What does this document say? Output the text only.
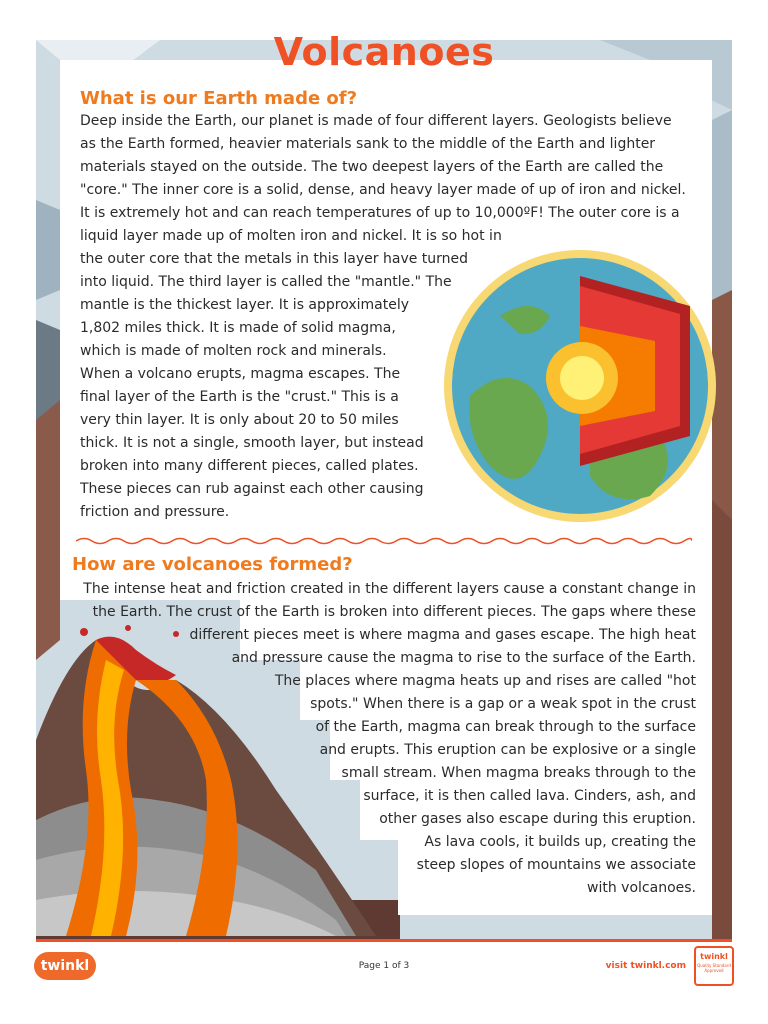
Volcanoes
What is our Earth made of?
Deep inside the Earth, our planet is made of four different layers. Geologists believe
as the Earth formed, heavier materials sank to the middle of the Earth and lighter
materials stayed on the outside. The two deepest layers of the Earth are called the
"core." The inner core is a solid, dense, and heavy layer made of up of iron and nickel.
It is extremely hot and can reach temperatures of up to 10,000ºF! The outer core is a
liquid layer made up of molten iron and nickel. It is so hot in
the outer core that the metals in this layer have turned
into liquid. The third layer is called the "mantle." The
mantle is the thickest layer. It is approximately
1,802 miles thick. It is made of solid magma,
which is made of molten rock and minerals.
When a volcano erupts, magma escapes. The
final layer of the Earth is the "crust." This is a
very thin layer. It is only about 20 to 50 miles
thick. It is not a single, smooth layer, but instead
broken into many different pieces, called plates.
These pieces can rub against each other causing
friction and pressure.
How are volcanoes formed?
The intense heat and friction created in the different layers cause a constant change in
the Earth. The crust of the Earth is broken into different pieces. The gaps where these
different pieces meet is where magma and gases escape. The high heat
and pressure cause the magma to rise to the surface of the Earth.
The places where magma heats up and rises are called "hot
spots." When there is a gap or a weak spot in the crust
of the Earth, magma can break through to the surface
and erupts. This eruption can be explosive or a single
small stream. When magma breaks through to the
surface, it is then called lava. Cinders, ash, and
other gases also escape during this eruption.
As lava cools, it builds up, creating the
steep slopes of mountains we associate
with volcanoes.
twinkl	Page 1 of 3	visit twinkl.com
twinkl
Quality Standard Approved
